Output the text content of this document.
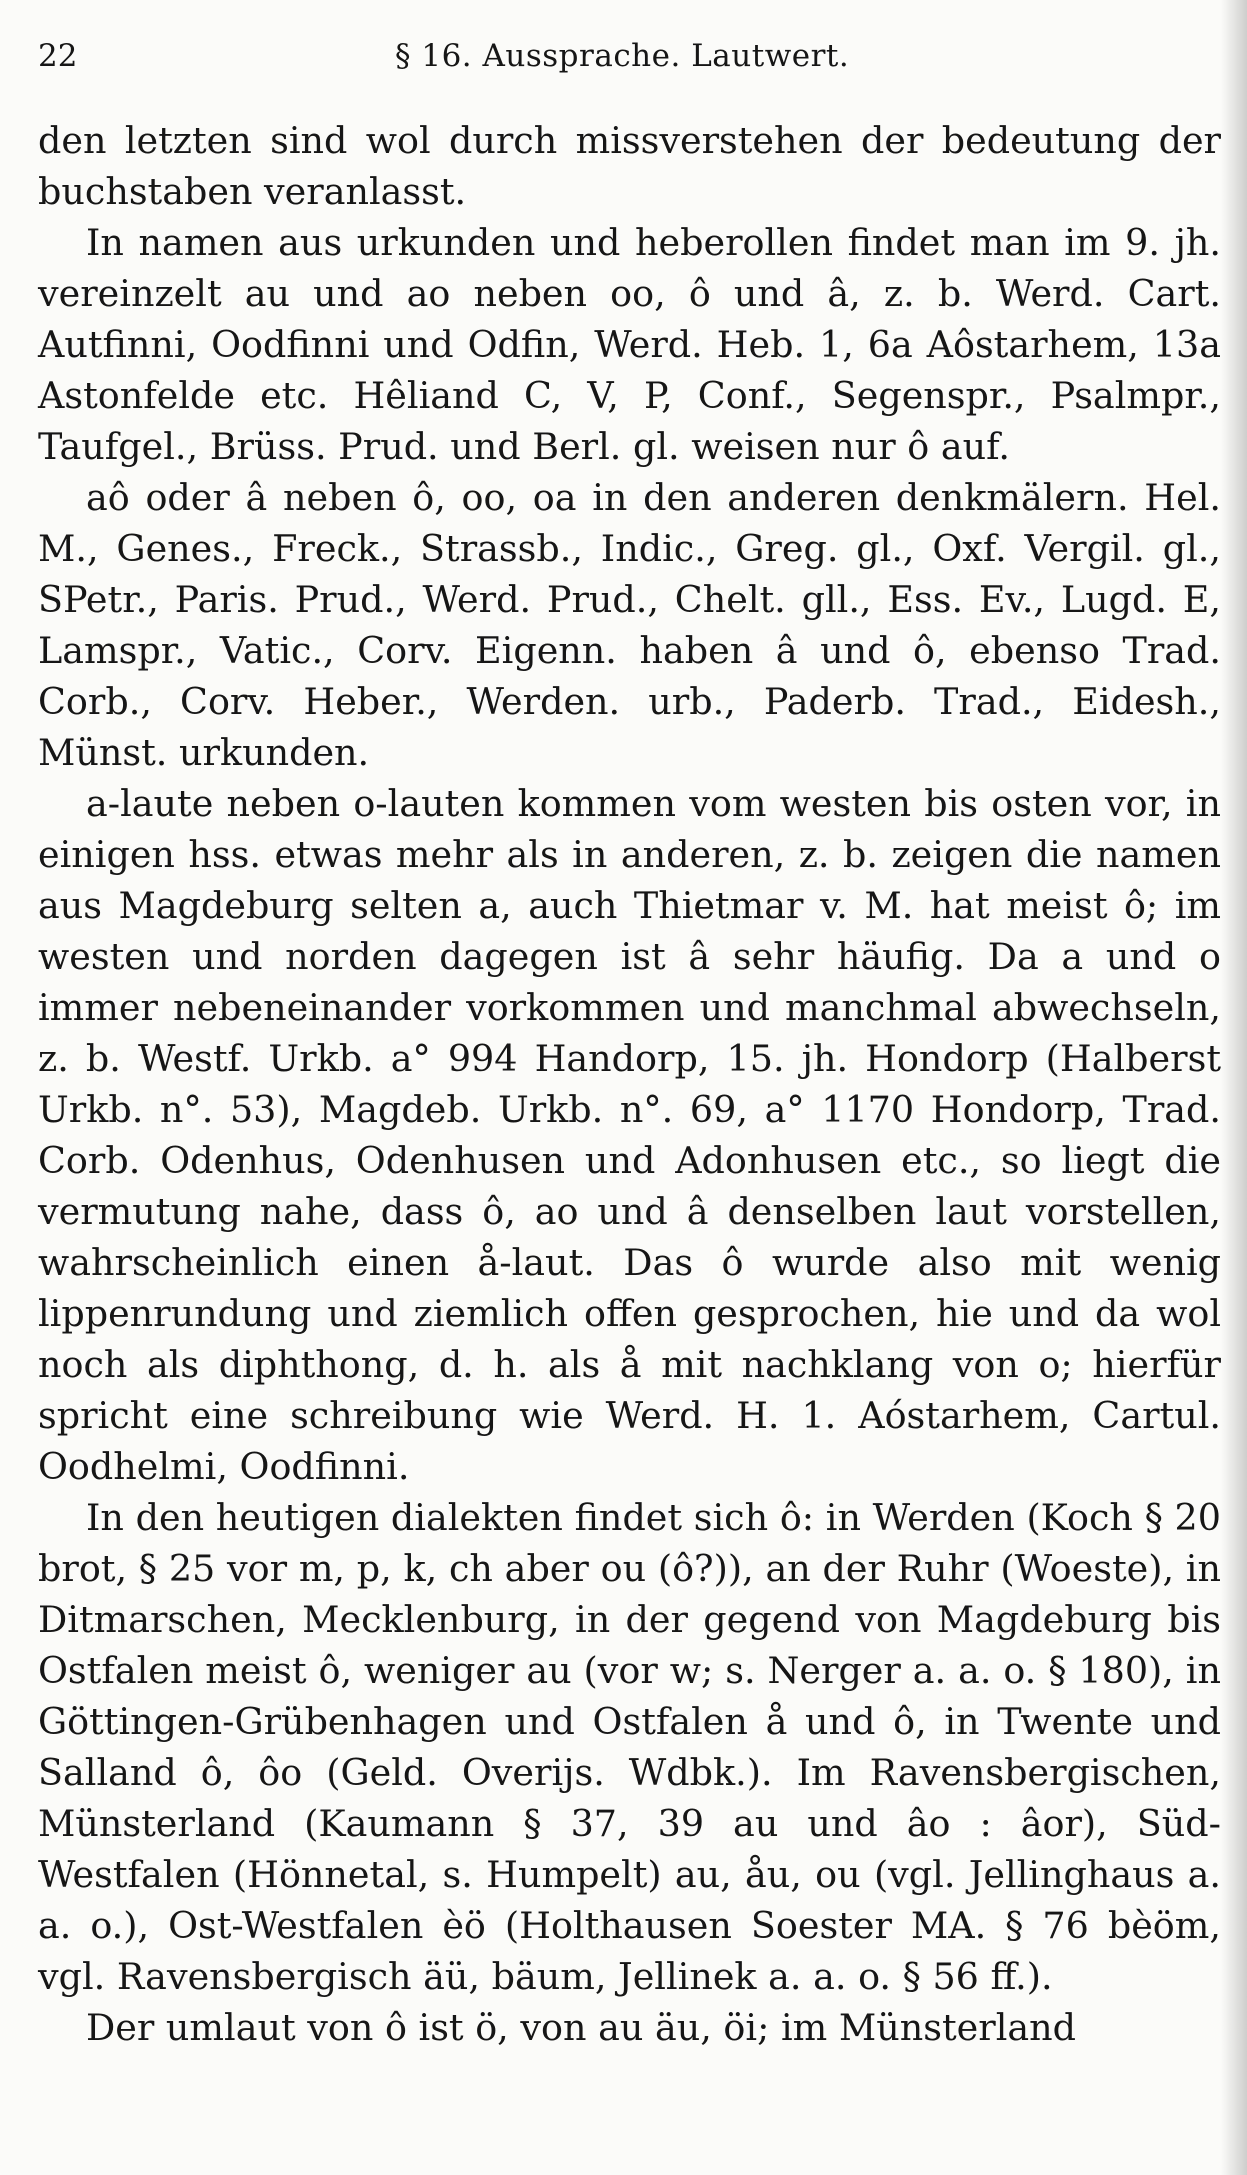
22	§ 16. Aussprache. Lautwert.

den letzten sind wol durch missverstehen der bedeutung der buchstaben veranlasst.

In namen aus urkunden und heberollen findet man im 9. jh. vereinzelt au und ao neben oo, ô und â, z. b. Werd. Cart. Autfinni, Oodfinni und Odfin, Werd. Heb. 1, 6a Aôstarhem, 13a Astonfelde etc. Hêliand C, V, P, Conf., Segenspr., Psalmpr., Taufgel., Brüss. Prud. und Berl. gl. weisen nur ô auf.

aô oder â neben ô, oo, oa in den anderen denkmälern. Hel. M., Genes., Freck., Strassb., Indic., Greg. gl., Oxf. Vergil. gl., SPetr., Paris. Prud., Werd. Prud., Chelt. gll., Ess. Ev., Lugd. E, Lamspr., Vatic., Corv. Eigenn. haben â und ô, ebenso Trad. Corb., Corv. Heber., Werden. urb., Paderb. Trad., Eidesh., Münst. urkunden.

a-laute neben o-lauten kommen vom westen bis osten vor, in einigen hss. etwas mehr als in anderen, z. b. zeigen die namen aus Magdeburg selten a, auch Thietmar v. M. hat meist ô; im westen und norden dagegen ist â sehr häufig. Da a und o immer nebeneinander vorkommen und manchmal abwechseln, z. b. Westf. Urkb. a° 994 Handorp, 15. jh. Hondorp (Halberst Urkb. n°. 53), Magdeb. Urkb. n°. 69, a° 1170 Hondorp, Trad. Corb. Odenhus, Odenhusen und Adonhusen etc., so liegt die vermutung nahe, dass ô, ao und â denselben laut vorstellen, wahrscheinlich einen å-laut. Das ô wurde also mit wenig lippenrundung und ziemlich offen gesprochen, hie und da wol noch als diphthong, d. h. als å mit nachklang von o; hierfür spricht eine schreibung wie Werd. H. 1. Aóstarhem, Cartul. Oodhelmi, Oodfinni.

In den heutigen dialekten findet sich ô: in Werden (Koch § 20 brot, § 25 vor m, p, k, ch aber ou (ô?)), an der Ruhr (Woeste), in Ditmarschen, Mecklenburg, in der gegend von Magdeburg bis Ostfalen meist ô, weniger au (vor w; s. Nerger a. a. o. § 180), in Göttingen-Grübenhagen und Ostfalen å und ô, in Twente und Salland ô, ôo (Geld. Overijs. Wdbk.). Im Ravensbergischen, Münsterland (Kaumann § 37, 39 au und âo : âor), Süd-Westfalen (Hönnetal, s. Humpelt) au, åu, ou (vgl. Jellinghaus a. a. o.), Ost-Westfalen èö (Holthausen Soester MA. § 76 bèöm, vgl. Ravensbergisch äü, bäum, Jellinek a. a. o. § 56 ff.).

Der umlaut von ô ist ö, von au äu, öi; im Münsterland
